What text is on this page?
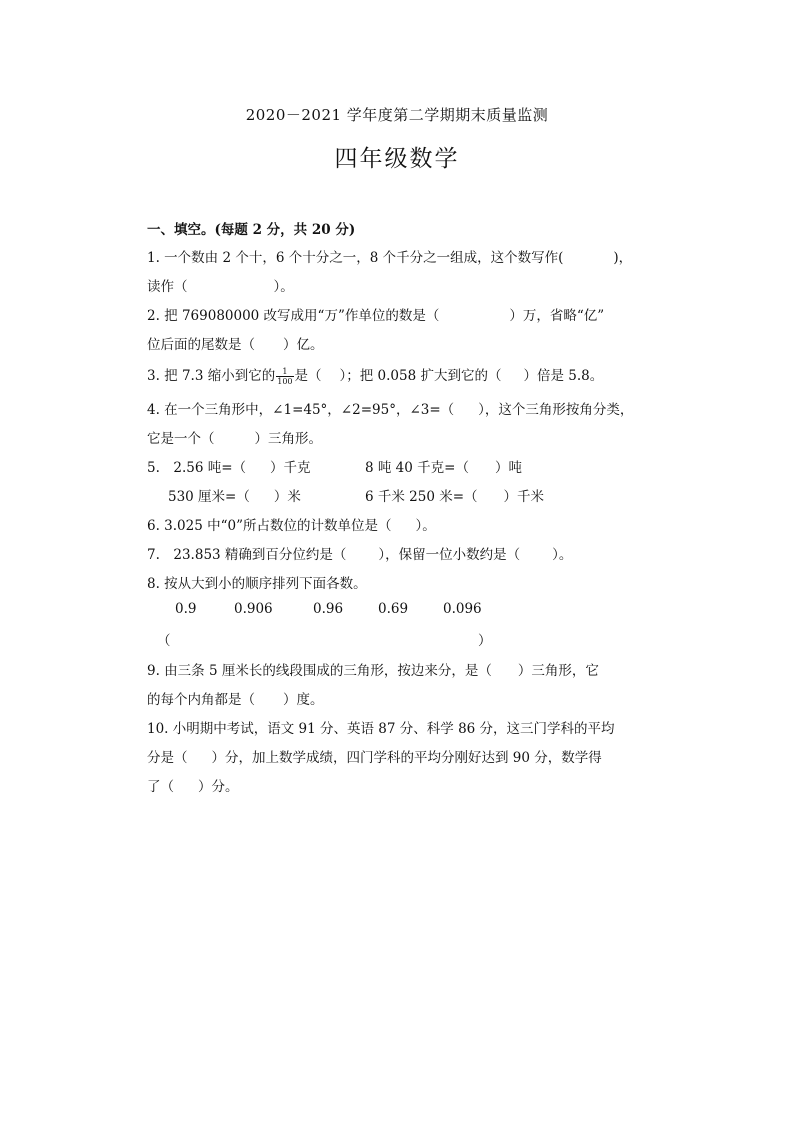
2020－2021 学年度第二学期期末质量监测
四年级数学
一、填空。(每题 2 分，共 20 分)
1. 一个数由 2 个十，6 个十分之一，8 个千分之一组成，这个数写作(	)，
读作（	）。
2. 把 769080000 改写成用“万”作单位的数是（	）万，省略“亿”
位后面的尾数是（ ）亿。
3. 把 7.3 缩小到它的 $\frac{1}{100}$ 是（ ）；把 0.058 扩大到它的（ ）倍是 5.8。
4. 在一个三角形中，∠1=45°，∠2=95°，∠3=（ ），这个三角形按角分类，
它是一个（	）三角形。
5.　2.56 吨=（ ）千克	8 吨 40 千克=（ ）吨
530 厘米=（ ）米	6 千米 250 米=（ ）千米
6. 3.025 中“0”所占数位的计数单位是（ ）。
7.　23.853 精确到百分位约是（ ），保留一位小数约是（ ）。
8. 按从大到小的顺序排列下面各数。
0.9	0.906	0.96	0.69	0.096
（	）
9. 由三条 5 厘米长的线段围成的三角形，按边来分，是（ ）三角形，它
的每个内角都是（ ）度。
10. 小明期中考试，语文 91 分、英语 87 分、科学 86 分，这三门学科的平均
分是（ ）分，加上数学成绩，四门学科的平均分刚好达到 90 分，数学得
了（ ）分。
